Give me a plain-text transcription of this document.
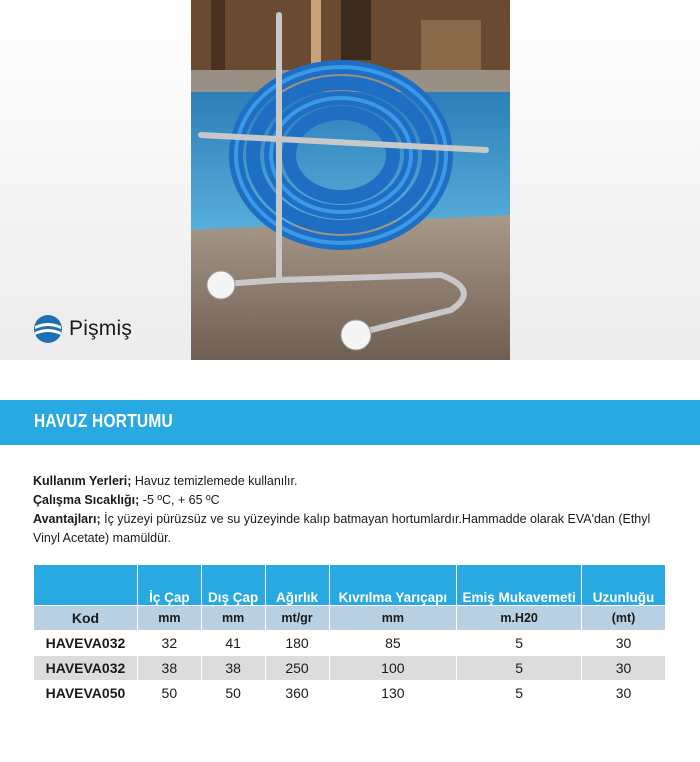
Pişmiş
HAVUZ HORTUMU

Kullanım Yerleri; Havuz temizlemede kullanılır.

Çalışma Sıcaklığı; -5 ºC, + 65 ºC

Avantajları; İç yüzeyi pürüzsüz ve su yüzeyinde kalıp batmayan hortumlardır.Hammadde olarak EVA'dan (Ethyl Vinyl Acetate) mamüldür.

	İç Çap	Dış Çap	Ağırlık	Kıvrılma Yarıçapı	Emiş Mukavemeti	Uzunluğu
Kod	mm	mm	mt/gr	mm	m.H20	(mt)
HAVEVA032	32	41	180	85	5	30
HAVEVA032	38	38	250	100	5	30
HAVEVA050	50	50	360	130	5	30
